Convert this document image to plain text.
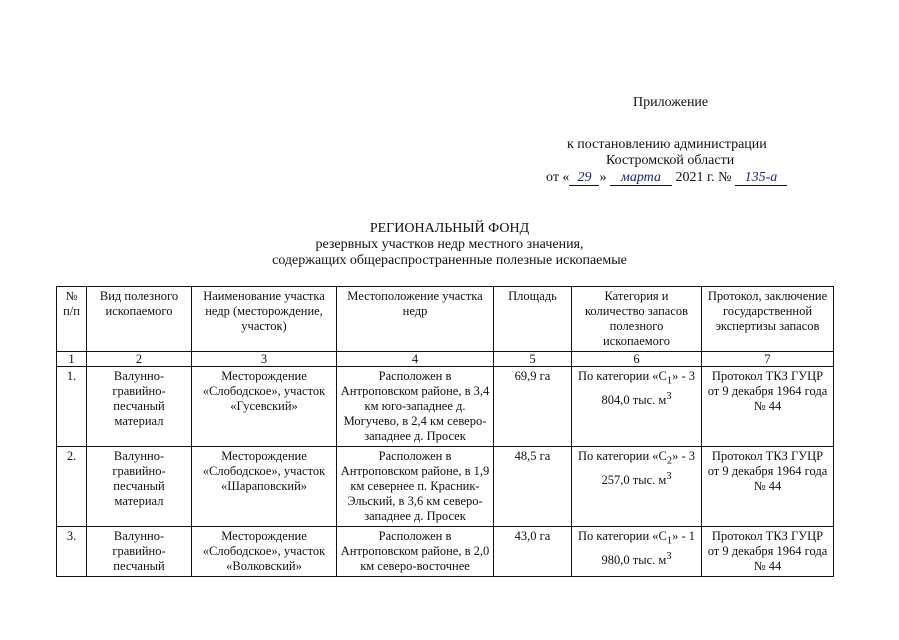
Приложение
к постановлению администрации
Костромской области
от « 29 » марта 2021 г. № 135-а
РЕГИОНАЛЬНЫЙ ФОНД
резервных участков недр местного значения,
содержащих общераспространенные полезные ископаемые
№ п/п	Вид полезного ископаемого	Наименование участка недр (месторождение, участок)	Местоположение участка недр	Площадь	Категория и количество запасов полезного ископаемого	Протокол, заключение государственной экспертизы запасов
1	2	3	4	5	6	7
1.	Валунно-гравийно-песчаный материал	Месторождение «Слободское», участок «Гусевский»	Расположен в Антроповском районе, в 3,4 км юго-западнее д. Могучево, в 2,4 км северо-западнее д. Просек	69,9 га	По категории «$С_1$» - 3 804,0 тыс. $м^3$	Протокол ТКЗ ГУЦР от 9 декабря 1964 года № 44
2.	Валунно-гравийно-песчаный материал	Месторождение «Слободское», участок «Шараповский»	Расположен в Антроповском районе, в 1,9 км севернее п. Красник-Эльский, в 3,6 км северо-западнее д. Просек	48,5 га	По категории «$С_2$» - 3 257,0 тыс. $м^3$	Протокол ТКЗ ГУЦР от 9 декабря 1964 года № 44
3.	Валунно-гравийно-песчаный	Месторождение «Слободское», участок «Волковский»	Расположен в Антроповском районе, в 2,0 км северо-восточнее	43,0 га	По категории «$С_1$» - 1 980,0 тыс. $м^3$	Протокол ТКЗ ГУЦР от 9 декабря 1964 года № 44
